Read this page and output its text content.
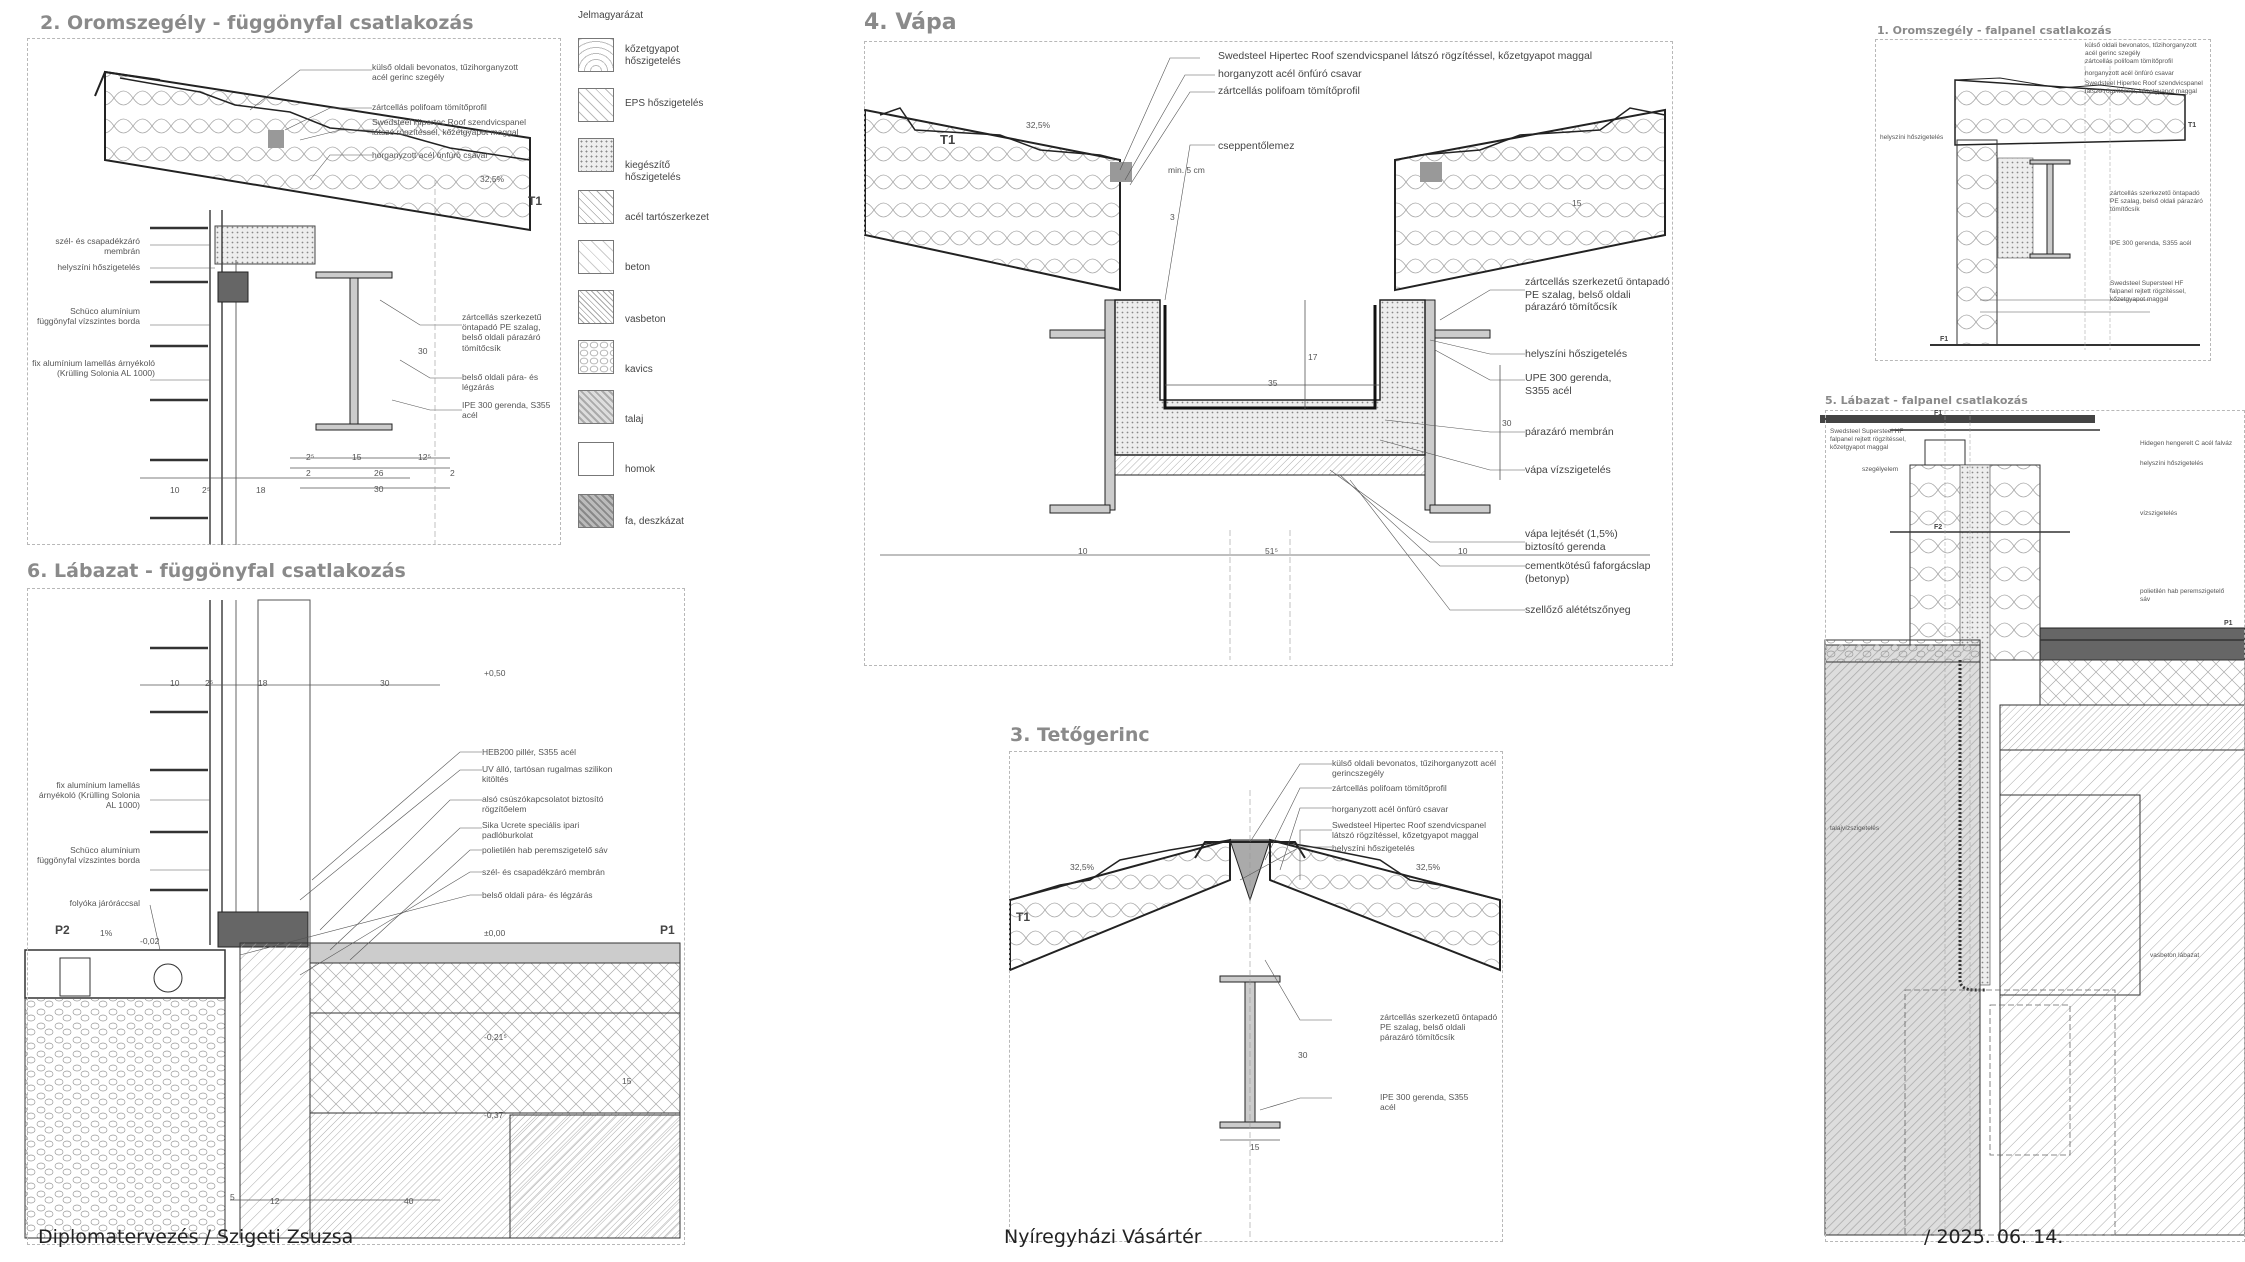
2. Oromszegély - függönyfal csatlakozás
6. Lábazat - függönyfal csatlakozás
4. Vápa
3. Tetőgerinc
1. Oromszegély - falpanel csatlakozás
5. Lábazat - falpanel csatlakozás
Jelmagyarázat
kőzetgyapot hőszigetelés
EPS hőszigetelés
kiegészítő hőszigetelés
acél tartószerkezet
beton
vasbeton
kavics
talaj
homok
fa, deszkázat
külső oldali bevonatos, tűzihorganyzott acél gerinc szegély
zártcellás polifoam tömítőprofil
Swedsteel Hipertec Roof szendvicspanel látszó rögzítéssel, kőzetgyapot maggal
horganyzott acél önfúró csavar
zártcellás szerkezetű öntapadó PE szalag, belső oldali párazáró tömítőcsík
belső oldali pára- és légzárás
IPE 300 gerenda, S355 acél
szél- és csapadékzáró membrán
helyszíni hőszigetelés
Schüco alumínium függönyfal vízszintes borda
fix alumínium lamellás árnyékoló (Krülling Solonia AL 1000)
T1
32,5%
10	2⁵	18
2⁵	15	12⁵
2	26	2
30
30
HEB200 pillér, S355 acél
UV álló, tartósan rugalmas szilikon kitöltés
alsó csúszókapcsolatot biztosító rögzítőelem
Sika Ucrete speciális ipari padlóburkolat
polietilén hab peremszigetelő sáv
szél- és csapadékzáró membrán
belső oldali pára- és légzárás
fix alumínium lamellás árnyékoló (Krülling Solonia AL 1000)
Schüco alumínium függönyfal vízszintes borda
folyóka járóráccsal
P1
P2
+0,50
±0,00
-0,02
-0,21⁵
-0,37
1%
10	2⁵	18	30
5	12	40
15
Swedsteel Hipertec Roof szendvicspanel látszó rögzítéssel, kőzetgyapot maggal
horganyzott acél önfúró csavar
zártcellás polifoam tömítőprofil
cseppentőlemez
zártcellás szerkezetű öntapadó PE szalag, belső oldali párazáró tömítőcsík
helyszíni hőszigetelés
UPE 300 gerenda, S355 acél
párazáró membrán
vápa vízszigetelés
vápa lejtését (1,5%) biztosító gerenda
cementkötésű faforgácslap (betonyp)
szellőző alététszőnyeg
T1
32,5%
min. 5 cm
3
15
17
30
10	51⁵	10
35
külső oldali bevonatos, tűzihorganyzott acél gerincszegély
zártcellás polifoam tömítőprofil
horganyzott acél önfúró csavar
Swedsteel Hipertec Roof szendvicspanel látszó rögzítéssel, kőzetgyapot maggal
helyszíni hőszigetelés
zártcellás szerkezetű öntapadó PE szalag, belső oldali párazáró tömítőcsík
IPE 300 gerenda, S355 acél
T1
32,5%	32,5%
15
30
külső oldali bevonatos, tűzihorganyzott acél gerinc szegély
zártcellás polifoam tömítőprofil
horganyzott acél önfúró csavar
Swedsteel Hipertec Roof szendvicspanel látszó rögzítéssel, kőzetgyapot maggal
zártcellás szerkezetű öntapadó PE szalag, belső oldali párazáró tömítőcsík
IPE 300 gerenda, S355 acél
Swedsteel Supersteel HF falpanel rejtett rögzítéssel, kőzetgyapot maggal
helyszíni hőszigetelés
F1
T1
Swedsteel Supersteel HF falpanel rejtett rögzítéssel, kőzetgyapot maggal
szegélyelem
Hidegen hengerelt C acél falváz
helyszíni hőszigetelés
vízszigetelés
polietilén hab peremszigetelő sáv
vasbeton lábazat
talajvízszigetelés
F1
F2
P1
Diplomatervezés / Szigeti Zsuzsa	Nyíregyházi Vásártér	/ 2025. 06. 14.
